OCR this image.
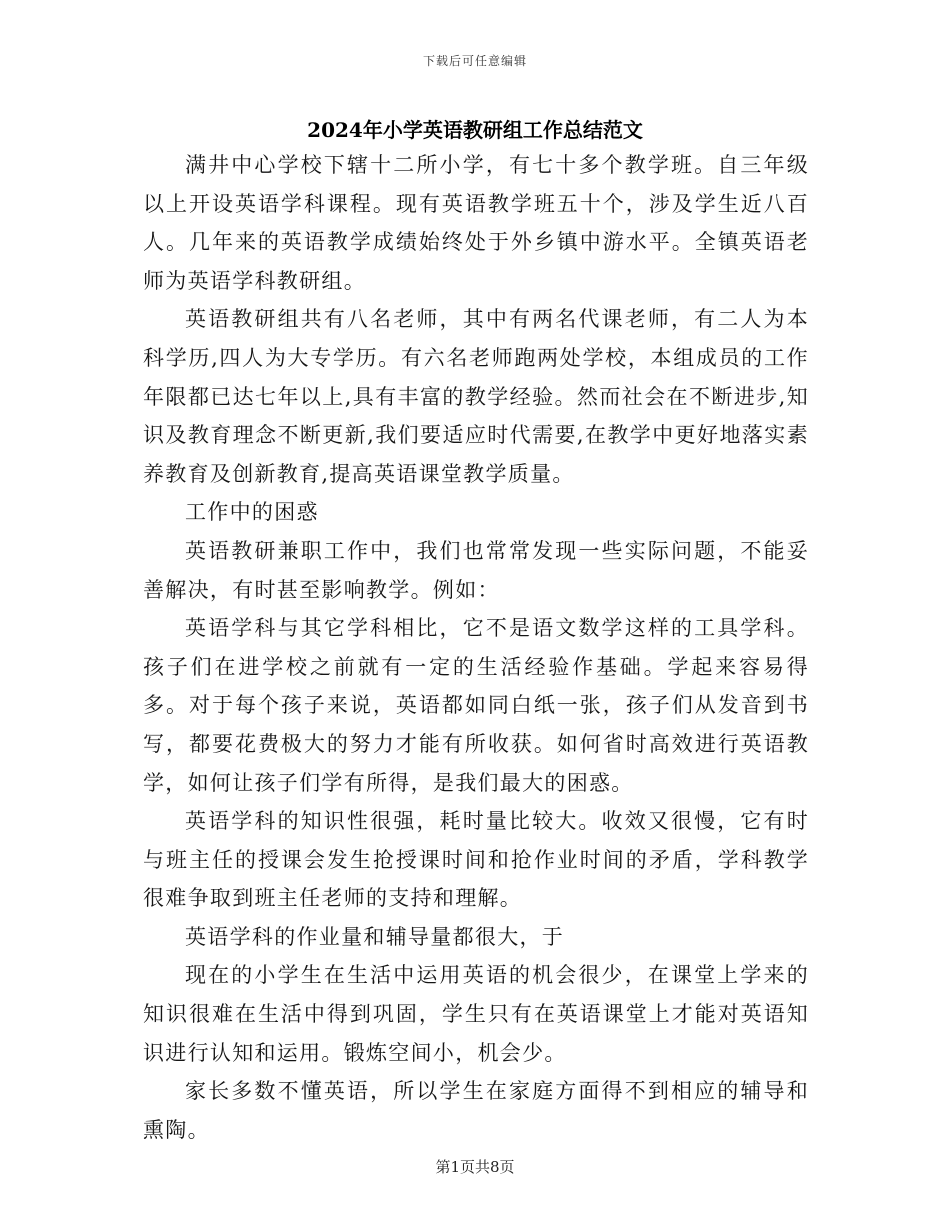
下载后可任意编辑
2024年小学英语教研组工作总结范文

满井中心学校下辖十二所小学，有七十多个教学班。自三年级以上开设英语学科课程。现有英语教学班五十个，涉及学生近八百人。几年来的英语教学成绩始终处于外乡镇中游水平。全镇英语老师为英语学科教研组。

英语教研组共有八名老师，其中有两名代课老师，有二人为本科学历,四人为大专学历。有六名老师跑两处学校，本组成员的工作年限都已达七年以上,具有丰富的教学经验。然而社会在不断进步,知识及教育理念不断更新,我们要适应时代需要,在教学中更好地落实素养教育及创新教育,提高英语课堂教学质量。

工作中的困惑

英语教研兼职工作中，我们也常常发现一些实际问题，不能妥善解决，有时甚至影响教学。例如：

英语学科与其它学科相比，它不是语文数学这样的工具学科。孩子们在进学校之前就有一定的生活经验作基础。学起来容易得多。对于每个孩子来说，英语都如同白纸一张，孩子们从发音到书写，都要花费极大的努力才能有所收获。如何省时高效进行英语教学，如何让孩子们学有所得，是我们最大的困惑。

英语学科的知识性很强，耗时量比较大。收效又很慢，它有时与班主任的授课会发生抢授课时间和抢作业时间的矛盾，学科教学很难争取到班主任老师的支持和理解。

英语学科的作业量和辅导量都很大，于

现在的小学生在生活中运用英语的机会很少，在课堂上学来的知识很难在生活中得到巩固，学生只有在英语课堂上才能对英语知识进行认知和运用。锻炼空间小，机会少。

家长多数不懂英语，所以学生在家庭方面得不到相应的辅导和熏陶。

第1页共8页
